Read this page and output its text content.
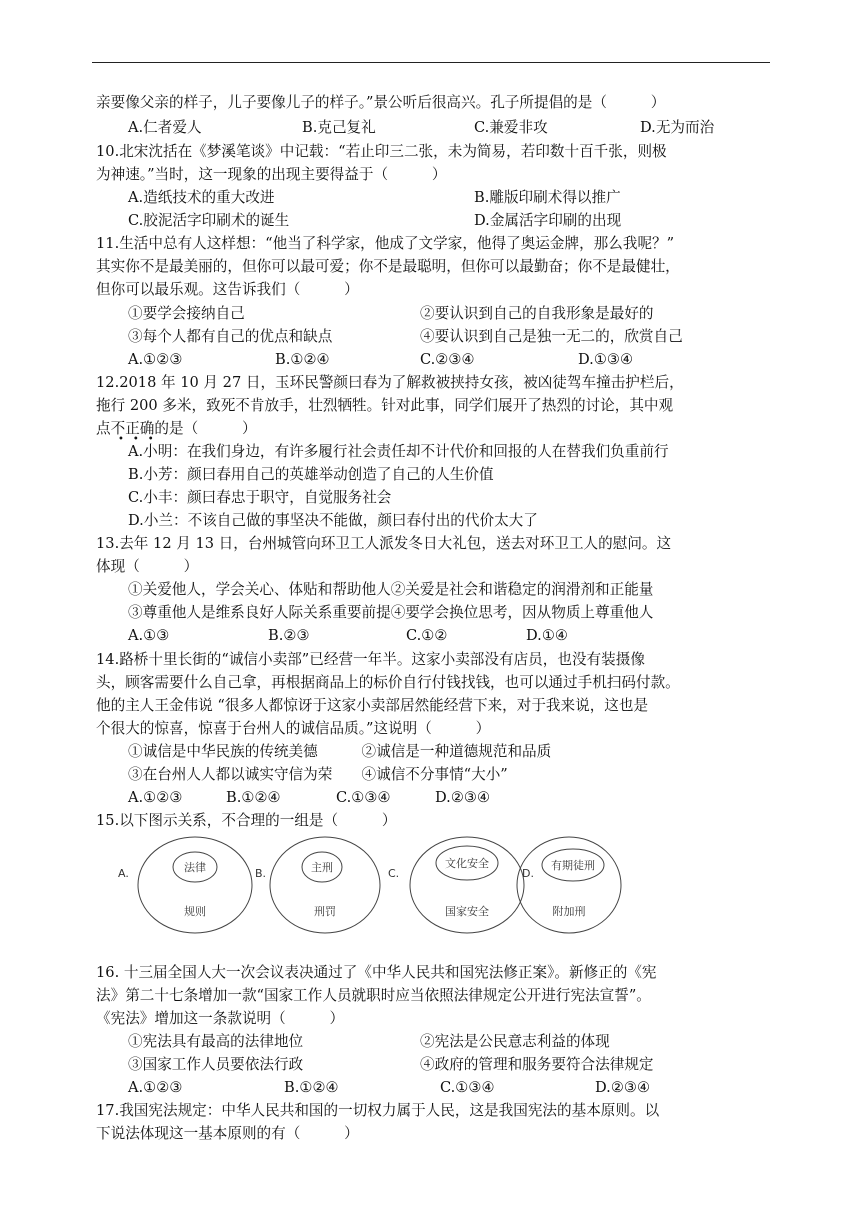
亲要像父亲的样子，儿子要像儿子的样子。”景公听后很高兴。孔子所提倡的是（　　　）
A.仁者爱人	B.克己复礼	C.兼爱非攻	D.无为而治
10.北宋沈括在《梦溪笔谈》中记载：“若止印三二张，未为简易，若印数十百千张，则极
为神速。”当时，这一现象的出现主要得益于（　　　）
A.造纸技术的重大改进	B.雕版印刷术得以推广
C.胶泥活字印刷术的诞生	D.金属活字印刷的出现
11.生活中总有人这样想：“他当了科学家，他成了文学家，他得了奥运金牌，那么我呢？”
其实你不是最美丽的，但你可以最可爱；你不是最聪明，但你可以最勤奋；你不是最健壮，
但你可以最乐观。这告诉我们（　　　）
①要学会接纳自己	②要认识到自己的自我形象是最好的
③每个人都有自己的优点和缺点	④要认识到自己是独一无二的，欣赏自己
A.①②③	B.①②④	C.②③④	D.①③④
12.2018 年 10 月 27 日，玉环民警颜曰春为了解救被挟持女孩，被凶徒驾车撞击护栏后，
拖行 200 多米，致死不肯放手，壮烈牺牲。针对此事，同学们展开了热烈的讨论，其中观
点不正确的是（　　　）
•••
A.小明：在我们身边，有许多履行社会责任却不计代价和回报的人在替我们负重前行
B.小芳：颜曰春用自己的英雄举动创造了自己的人生价值
C.小丰：颜曰春忠于职守，自觉服务社会
D.小兰：不该自己做的事坚决不能做，颜曰春付出的代价太大了
13.去年 12 月 13 日，台州城管向环卫工人派发冬日大礼包，送去对环卫工人的慰问。这
体现（　　　）
①关爱他人，学会关心、体贴和帮助他人②关爱是社会和谐稳定的润滑剂和正能量
③尊重他人是维系良好人际关系重要前提④要学会换位思考，因从物质上尊重他人
A.①③	B.②③	C.①②	D.①④
14.路桥十里长街的“诚信小卖部”已经营一年半。这家小卖部没有店员，也没有装摄像
头，顾客需要什么自己拿，再根据商品上的标价自行付钱找钱，也可以通过手机扫码付款。
他的主人王金伟说 “很多人都惊讶于这家小卖部居然能经营下来，对于我来说，这也是
个很大的惊喜，惊喜于台州人的诚信品质。”这说明（　　　）
①诚信是中华民族的传统美德　　　②诚信是一种道德规范和品质
③在台州人人都以诚实守信为荣　　④诚信不分事情“大小”
A.①②③	B.①②④	C.①③④	D.②③④
15.以下图示关系，不合理的一组是（　　　）
A.	法律
规则
B.	主刑
刑罚
C.
文化安全
国家安全
D.
有期徒刑
附加刑
16. 十三届全国人大一次会议表决通过了《中华人民共和国宪法修正案》。新修正的《宪
法》第二十七条增加一款“国家工作人员就职时应当依照法律规定公开进行宪法宣誓”。
《宪法》增加这一条款说明（　　　）
①宪法具有最高的法律地位	②宪法是公民意志利益的体现
③国家工作人员要依法行政	④政府的管理和服务要符合法律规定
A.①②③	B.①②④	C.①③④	D.②③④
17.我国宪法规定：中华人民共和国的一切权力属于人民，这是我国宪法的基本原则。以
下说法体现这一基本原则的有（　　　）
